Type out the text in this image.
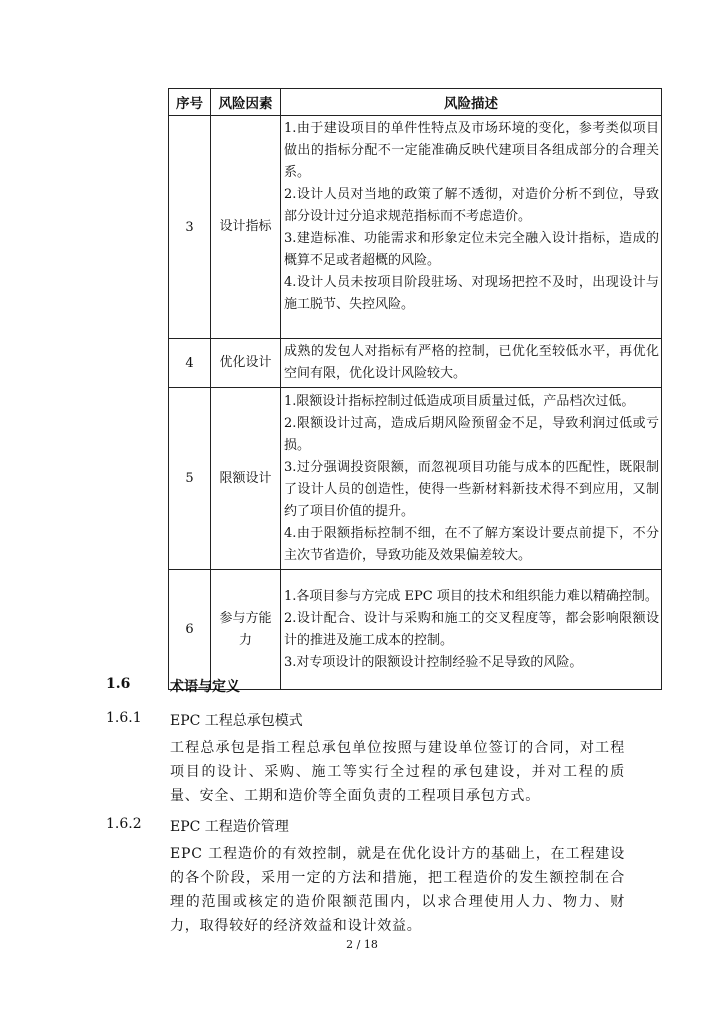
序号	风险因素	风险描述
3	设计指标	1.由于建设项目的单件性特点及市场环境的变化，参考类似项目做出的指标分配不一定能准确反映代建项目各组成部分的合理关系。
2.设计人员对当地的政策了解不透彻，对造价分析不到位，导致部分设计过分追求规范指标而不考虑造价。
3.建造标准、功能需求和形象定位未完全融入设计指标，造成的概算不足或者超概的风险。
4.设计人员未按项目阶段驻场、对现场把控不及时，出现设计与施工脱节、失控风险。

4	优化设计	成熟的发包人对指标有严格的控制，已优化至较低水平，再优化空间有限，优化设计风险较大。

5	限额设计	1.限额设计指标控制过低造成项目质量过低，产品档次过低。
2.限额设计过高，造成后期风险预留金不足，导致利润过低或亏损。
3.过分强调投资限额，而忽视项目功能与成本的匹配性，既限制了设计人员的创造性，使得一些新材料新技术得不到应用，又制约了项目价值的提升。
4.由于限额指标控制不细，在不了解方案设计要点前提下，不分主次节省造价，导致功能及效果偏差较大。

6	参与方能力	1.各项目参与方完成 EPC 项目的技术和组织能力难以精确控制。
2.设计配合、设计与采购和施工的交叉程度等，都会影响限额设计的推进及施工成本的控制。
3.对专项设计的限额设计控制经验不足导致的风险。
1.6	术语与定义
1.6.1 EPC 工程总承包模式

工程总承包是指工程总承包单位按照与建设单位签订的合同，对工程项目的设计、采购、施工等实行全过程的承包建设，并对工程的质量、安全、工期和造价等全面负责的工程项目承包方式。

1.6.2 EPC 工程造价管理

EPC 工程造价的有效控制，就是在优化设计方的基础上，在工程建设的各个阶段，采用一定的方法和措施，把工程造价的发生额控制在合理的范围或核定的造价限额范围内，以求合理使用人力、物力、财力，取得较好的经济效益和设计效益。

2 / 18
